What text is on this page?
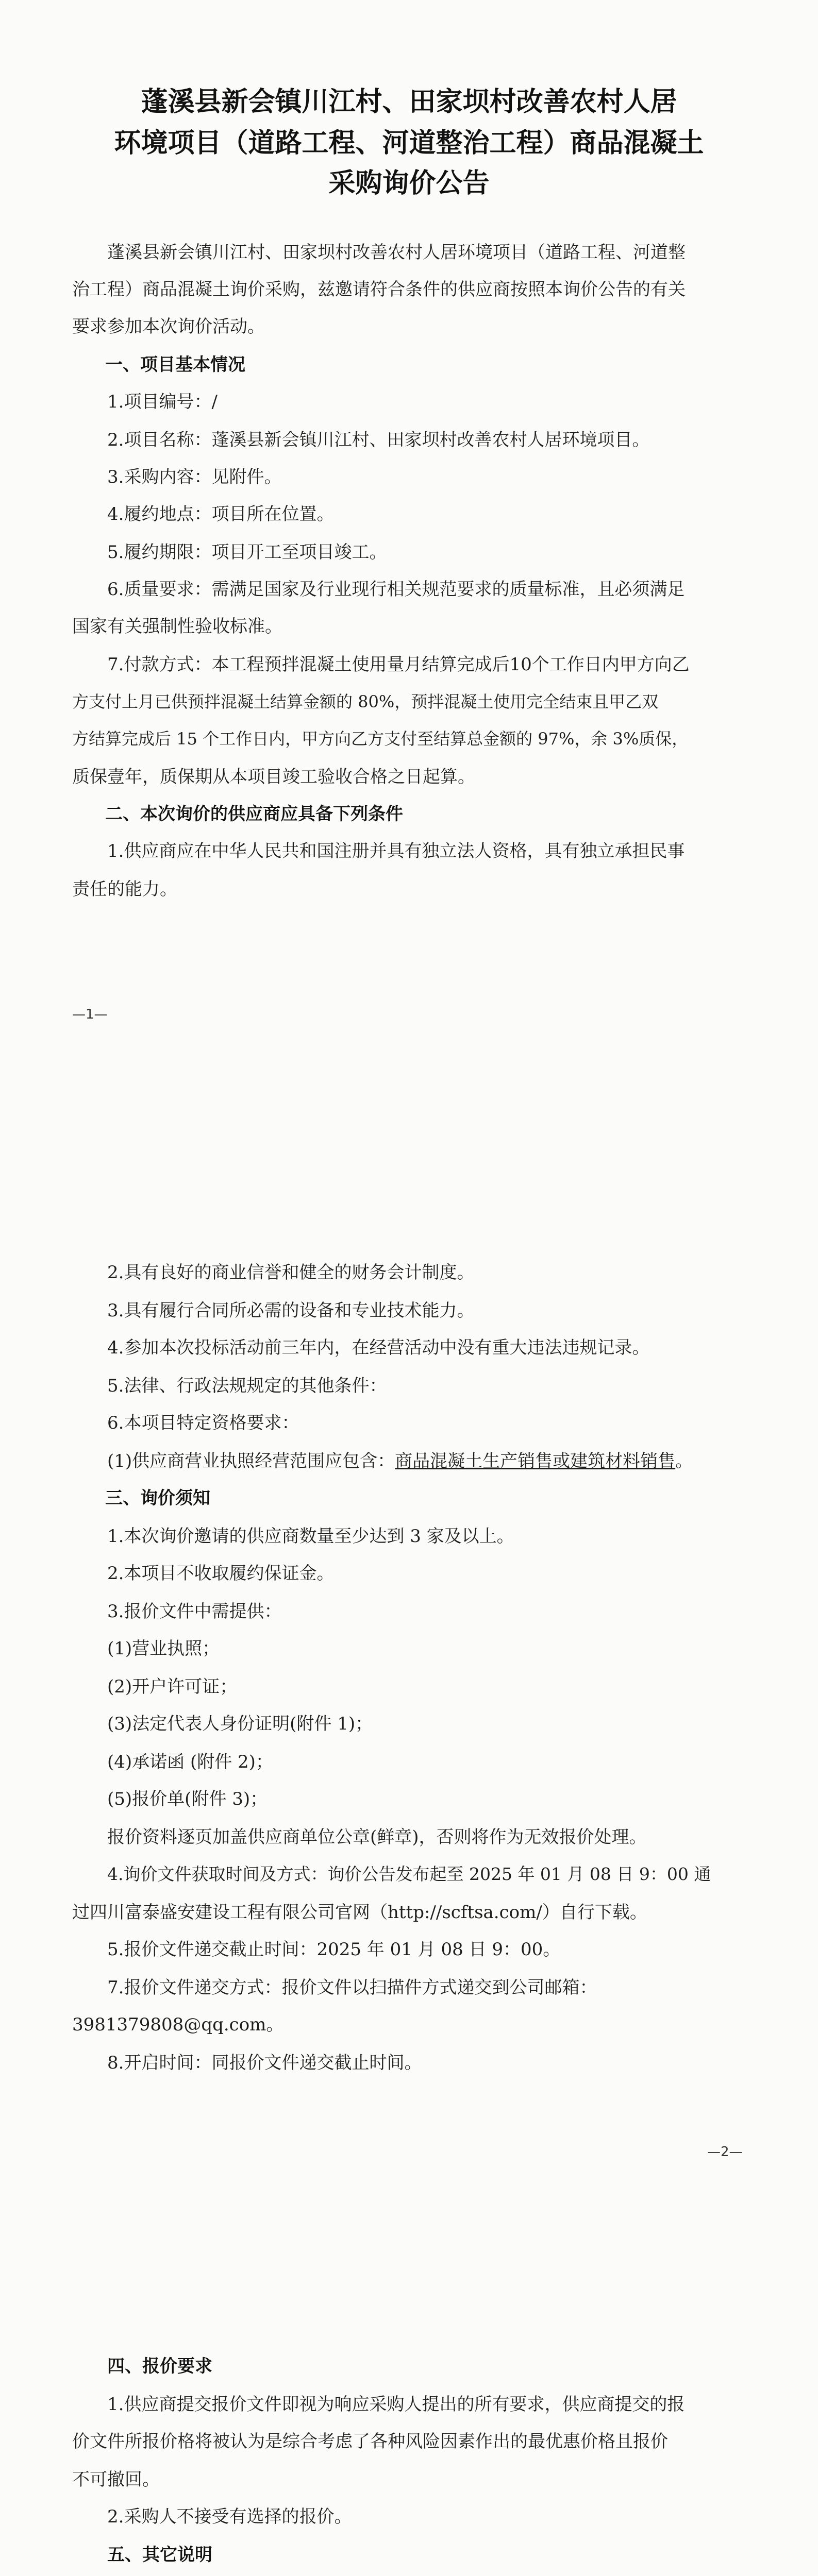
蓬溪县新会镇川江村、田家坝村改善农村人居
环境项目（道路工程、河道整治工程）商品混凝土
采购询价公告
蓬溪县新会镇川江村、田家坝村改善农村人居环境项目（道路工程、河道整
治工程）商品混凝土询价采购，兹邀请符合条件的供应商按照本询价公告的有关
要求参加本次询价活动。
一、项目基本情况
1.项目编号：/
2.项目名称：蓬溪县新会镇川江村、田家坝村改善农村人居环境项目。
3.采购内容：见附件。
4.履约地点：项目所在位置。
5.履约期限：项目开工至项目竣工。
6.质量要求：需满足国家及行业现行相关规范要求的质量标准，且必须满足
国家有关强制性验收标准。
7.付款方式：本工程预拌混凝土使用量月结算完成后10个工作日内甲方向乙
方支付上月已供预拌混凝土结算金额的 80%，预拌混凝土使用完全结束且甲乙双
方结算完成后 15 个工作日内，甲方向乙方支付至结算总金额的 97%，余 3%质保，
质保壹年，质保期从本项目竣工验收合格之日起算。
二、本次询价的供应商应具备下列条件
1.供应商应在中华人民共和国注册并具有独立法人资格，具有独立承担民事
责任的能力。
—1—
2.具有良好的商业信誉和健全的财务会计制度。
3.具有履行合同所必需的设备和专业技术能力。
4.参加本次投标活动前三年内，在经营活动中没有重大违法违规记录。
5.法律、行政法规规定的其他条件：
6.本项目特定资格要求：
(1)供应商营业执照经营范围应包含：商品混凝土生产销售或建筑材料销售。
三、询价须知
1.本次询价邀请的供应商数量至少达到 3 家及以上。
2.本项目不收取履约保证金。
3.报价文件中需提供：
(1)营业执照；
(2)开户许可证；
(3)法定代表人身份证明(附件 1)；
(4)承诺函 (附件 2)；
(5)报价单(附件 3)；
报价资料逐页加盖供应商单位公章(鲜章)，否则将作为无效报价处理。
4.询价文件获取时间及方式：询价公告发布起至 2025 年 01 月 08 日 9：00 通
过四川富泰盛安建设工程有限公司官网（http://scftsa.com/）自行下载。
5.报价文件递交截止时间：2025 年 01 月 08 日 9：00。
7.报价文件递交方式：报价文件以扫描件方式递交到公司邮箱：
3981379808@qq.com。
8.开启时间：同报价文件递交截止时间。
—2—
四、报价要求
1.供应商提交报价文件即视为响应采购人提出的所有要求，供应商提交的报
价文件所报价格将被认为是综合考虑了各种风险因素作出的最优惠价格且报价
不可撤回。
2.采购人不接受有选择的报价。
五、其它说明
